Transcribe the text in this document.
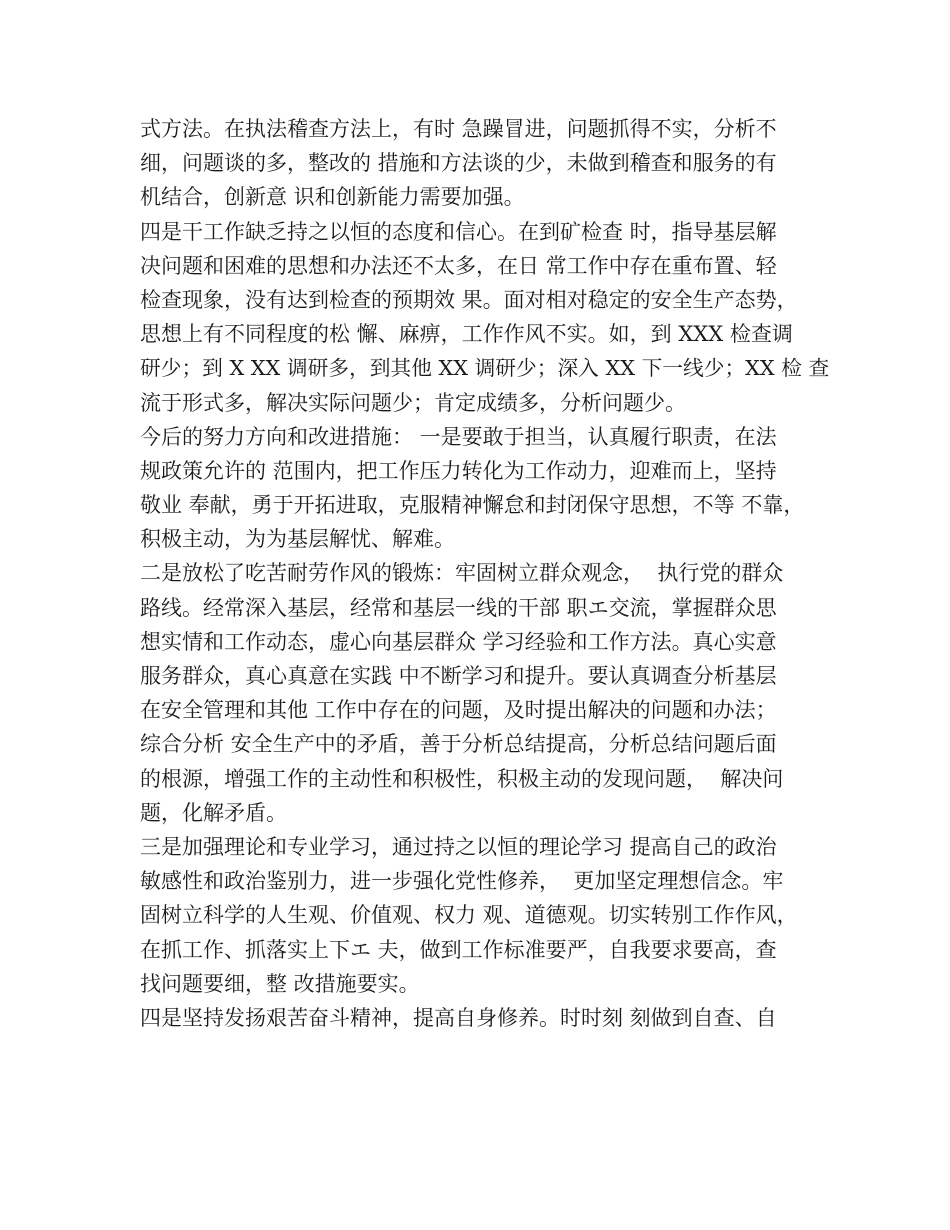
式方法。在执法稽查方法上，有时 急躁冒进，问题抓得不实，分析不
细，问题谈的多，整改的 措施和方法谈的少，未做到稽查和服务的有
机结合，创新意 识和创新能力需要加强。
四是干工作缺乏持之以恒的态度和信心。在到矿检查 时，指导基层解
决问题和困难的思想和办法还不太多，在日 常工作中存在重布置、轻
检查现象，没有达到检查的预期效 果。面对相对稳定的安全生产态势，
思想上有不同程度的松 懈、麻痹，工作作风不实。如，到 XXX 检查调
研少；到 X XX 调研多，到其他 XX 调研少；深入 XX 下一线少；XX 检 查
流于形式多，解决实际问题少；肯定成绩多，分析问题少。
今后的努力方向和改进措施： 一是要敢于担当，认真履行职责，在法
规政策允许的 范围内，把工作压力转化为工作动力，迎难而上，坚持
敬业 奉献，勇于开拓进取，克服精神懈怠和封闭保守思想，不等 不靠，
积极主动，为为基层解忧、解难。
二是放松了吃苦耐劳作风的锻炼：牢固树立群众观念，  执行党的群众
路线。经常深入基层，经常和基层一线的干部 职エ交流，掌握群众思
想实情和工作动态，虚心向基层群众 学习经验和工作方法。真心实意
服务群众，真心真意在实践 中不断学习和提升。要认真调查分析基层
在安全管理和其他 工作中存在的问题，及时提出解决的问题和办法；
综合分析 安全生产中的矛盾，善于分析总结提高，分析总结问题后面
的根源，增强工作的主动性和积极性，积极主动的发现问题，  解决问
题，化解矛盾。
三是加强理论和专业学习，通过持之以恒的理论学习 提高自己的政治
敏感性和政治鉴别力，进一步强化党性修养，  更加坚定理想信念。牢
固树立科学的人生观、价值观、权力 观、道德观。切实转别工作作风，
在抓工作、抓落实上下エ 夫，做到工作标准要严，自我要求要高，查
找问题要细，整 改措施要实。
四是坚持发扬艰苦奋斗精神，提高自身修养。时时刻 刻做到自查、自
